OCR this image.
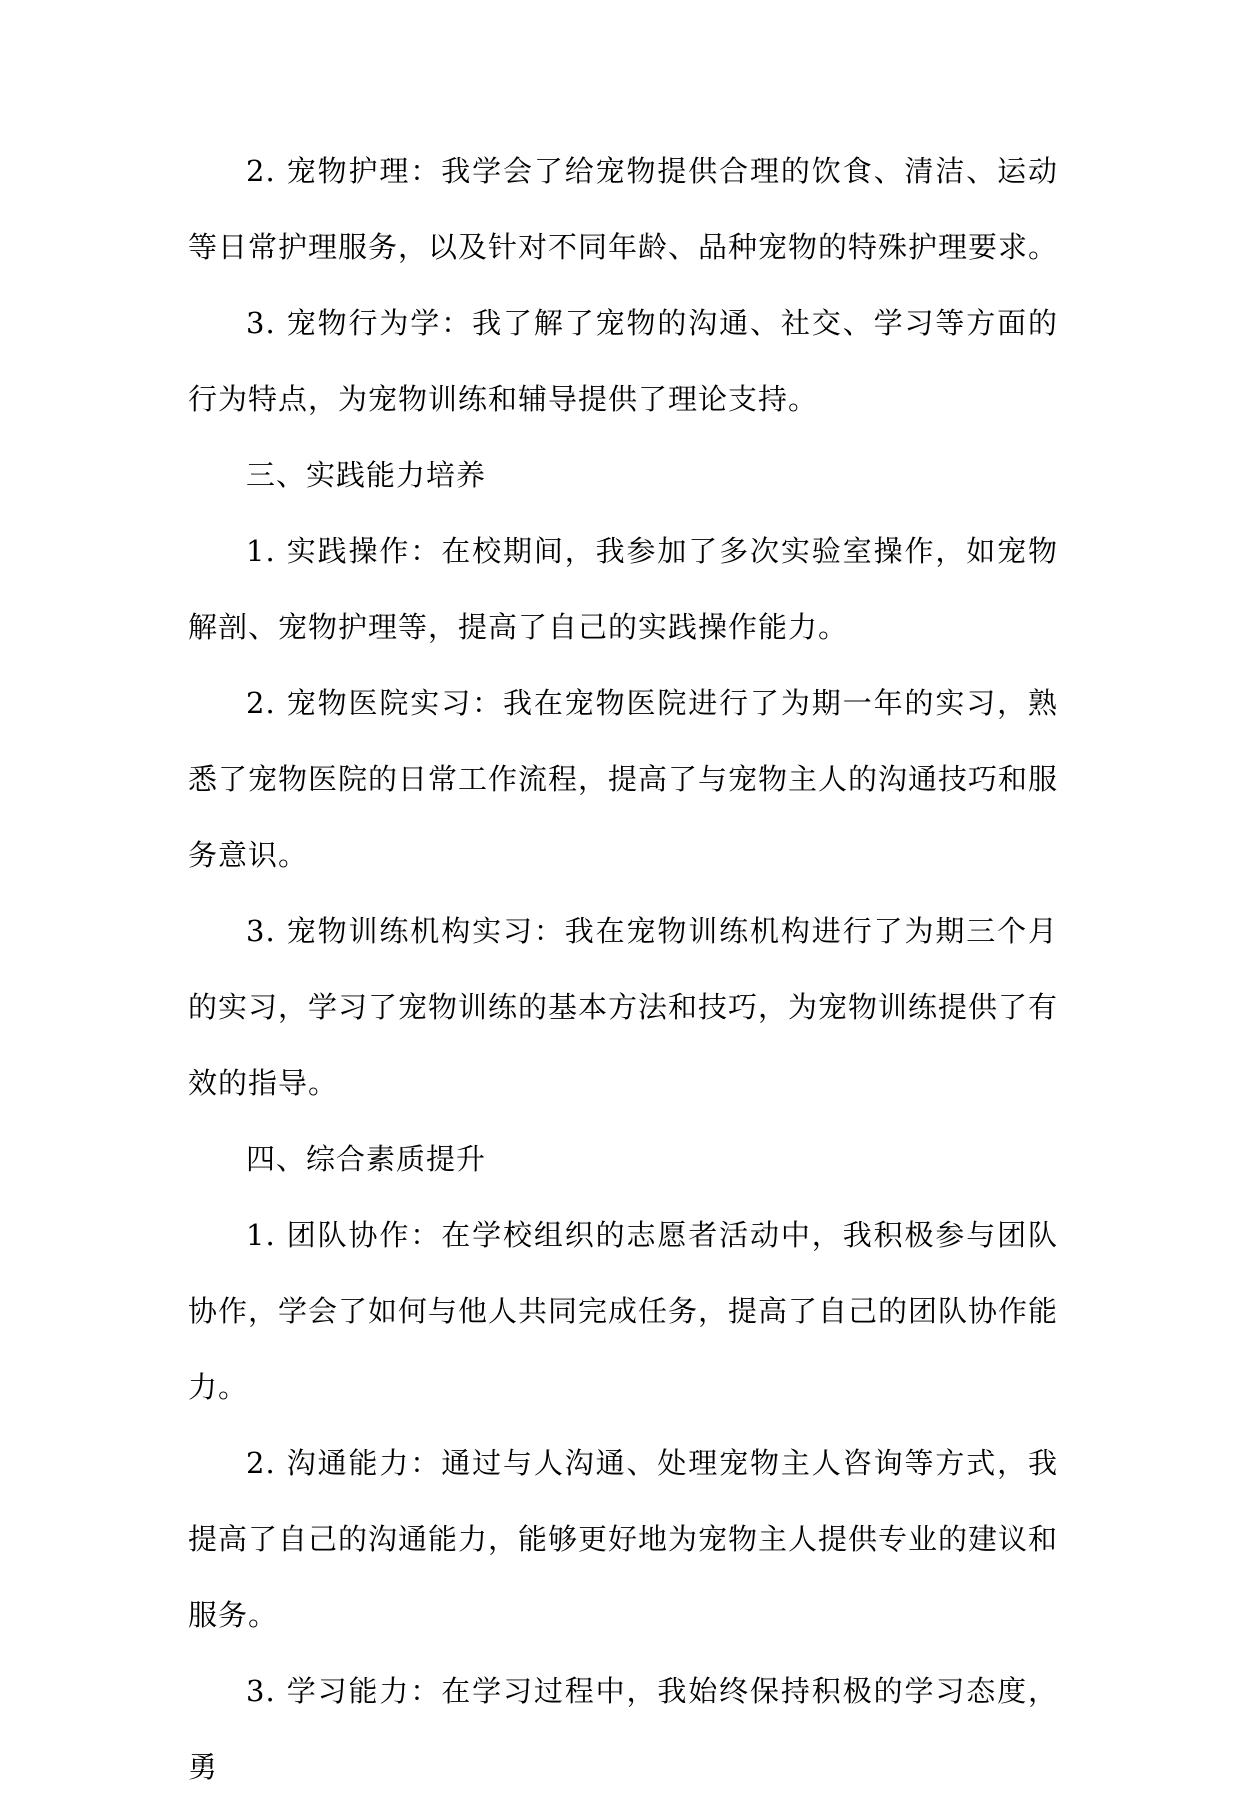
2. 宠物护理：我学会了给宠物提供合理的饮食、清洁、运动等日常护理服务，以及针对不同年龄、品种宠物的特殊护理要求。

3. 宠物行为学：我了解了宠物的沟通、社交、学习等方面的行为特点，为宠物训练和辅导提供了理论支持。

三、实践能力培养

1. 实践操作：在校期间，我参加了多次实验室操作，如宠物解剖、宠物护理等，提高了自己的实践操作能力。

2. 宠物医院实习：我在宠物医院进行了为期一年的实习，熟悉了宠物医院的日常工作流程，提高了与宠物主人的沟通技巧和服务意识。

3. 宠物训练机构实习：我在宠物训练机构进行了为期三个月的实习，学习了宠物训练的基本方法和技巧，为宠物训练提供了有效的指导。

四、综合素质提升

1. 团队协作：在学校组织的志愿者活动中，我积极参与团队协作，学会了如何与他人共同完成任务，提高了自己的团队协作能力。

2. 沟通能力：通过与人沟通、处理宠物主人咨询等方式，我提高了自己的沟通能力，能够更好地为宠物主人提供专业的建议和服务。

3. 学习能力：在学习过程中，我始终保持积极的学习态度，勇
